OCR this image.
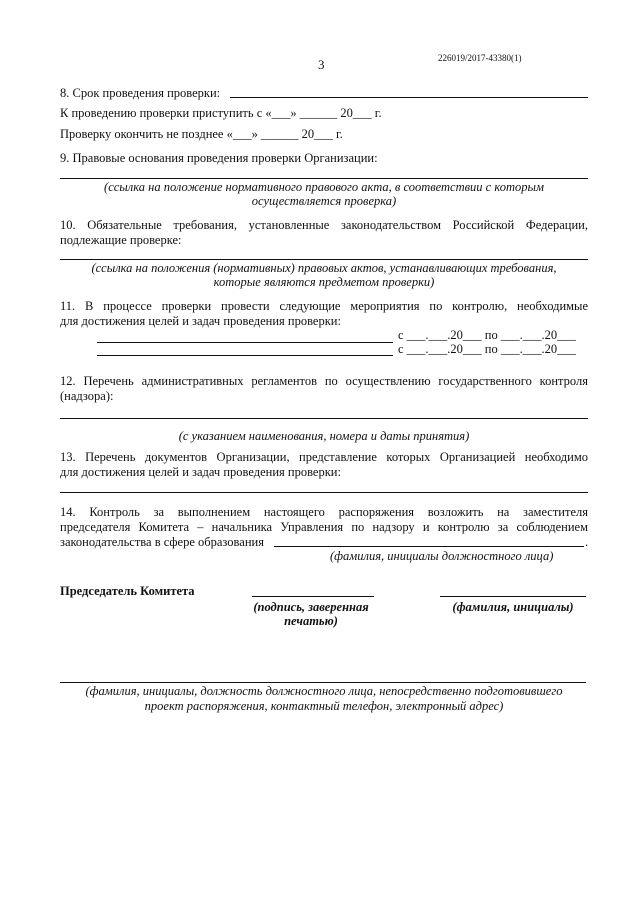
3	226019/2017-43380(1)
8. Срок проведения проверки:
К проведению проверки приступить с «___» ______ 20___ г.
Проверку окончить не позднее «___» ______ 20___ г.
9. Правовые основания проведения проверки Организации:
(ссылка на положение нормативного правового акта, в соответствии с которым
осуществляется проверка)
10. Обязательные требования, установленные законодательством Российской Федерации,
подлежащие проверке:
(ссылка на положения (нормативных) правовых актов, устанавливающих требования,
которые являются предметом проверки)
11. В процессе проверки провести следующие мероприятия по контролю, необходимые
для достижения целей и задач проведения проверки:
с ___.___.20___ по ___.___.20___
с ___.___.20___ по ___.___.20___
12. Перечень административных регламентов по осуществлению государственного контроля
(надзора):
(с указанием наименования, номера и даты принятия)
13. Перечень документов Организации, представление которых Организацией необходимо
для достижения целей и задач проведения проверки:
14. Контроль за выполнением настоящего распоряжения возложить на заместителя
председателя Комитета – начальника Управления по надзору и контролю за соблюдением
законодательства в сфере образования	.
(фамилия, инициалы должностного лица)
Председатель Комитета
(подпись, заверенная
печатью)
(фамилия, инициалы)
(фамилия, инициалы, должность должностного лица, непосредственно подготовившего
проект распоряжения, контактный телефон, электронный адрес)
